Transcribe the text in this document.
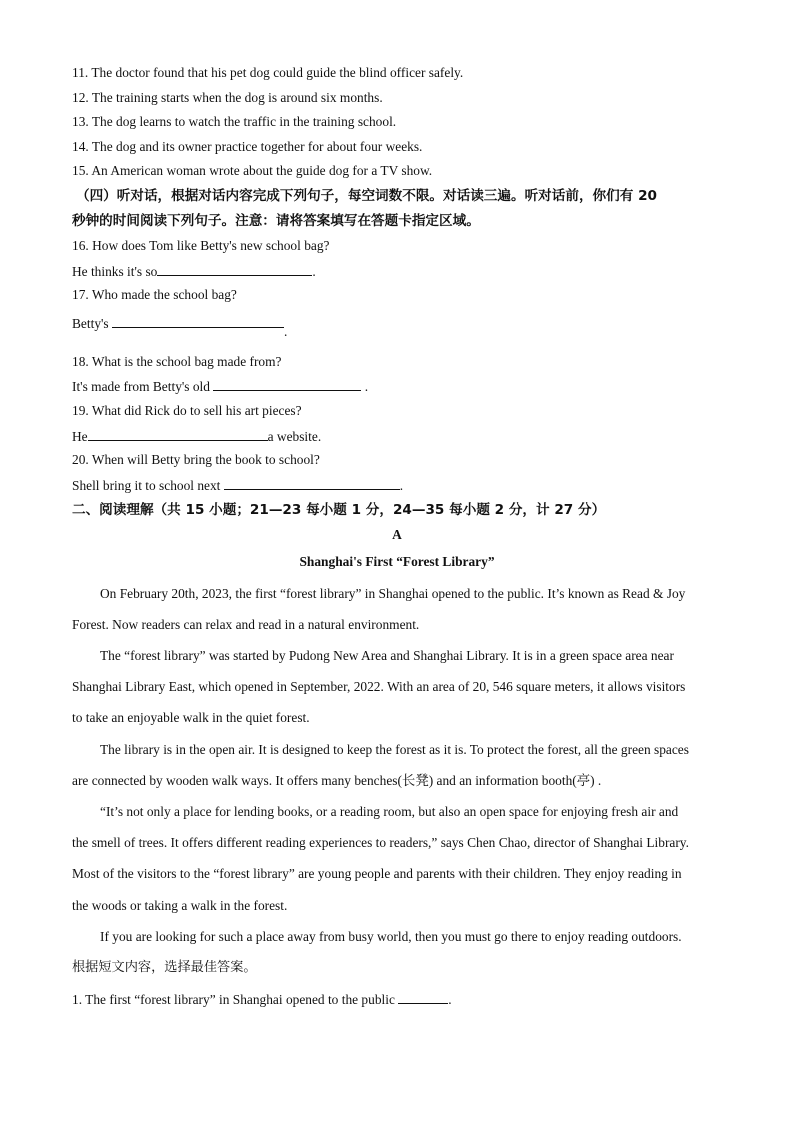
11. The doctor found that his pet dog could guide the blind officer safely.
12. The training starts when the dog is around six months.
13. The dog learns to watch the traffic in the training school.
14. The dog and its owner practice together for about four weeks.
15. An American woman wrote about the guide dog for a TV show.
（四）听对话，根据对话内容完成下列句子，每空词数不限。对话读三遍。听对话前，你们有 20
秒钟的时间阅读下列句子。注意：请将答案填写在答题卡指定区域。
16. How does Tom like Betty's new school bag?
He thinks it's so	.
17. Who made the school bag?
Betty's .
18. What is the school bag made from?
It's made from Betty's old	.
19. What did Rick do to sell his art pieces?
He	a website.
20. When will Betty bring the book to school?
Shell bring it to school next	.
二、阅读理解（共 15 小题；21—23 每小题 1 分，24—35 每小题 2 分，计 27 分）
A
Shanghai's First “Forest Library”
On February 20th, 2023, the first “forest library” in Shanghai opened to the public. It’s known as Read & Joy
Forest. Now readers can relax and read in a natural environment.
The “forest library” was started by Pudong New Area and Shanghai Library. It is in a green space area near
Shanghai Library East, which opened in September, 2022. With an area of 20, 546 square meters, it allows visitors
to take an enjoyable walk in the quiet forest.
The library is in the open air. It is designed to keep the forest as it is. To protect the forest, all the green spaces
are connected by wooden walk ways. It offers many benches(长凳) and an information booth(亭) .
“It’s not only a place for lending books, or a reading room, but also an open space for enjoying fresh air and
the smell of trees. It offers different reading experiences to readers,” says Chen Chao, director of Shanghai Library.
Most of the visitors to the “forest library” are young people and parents with their children. They enjoy reading in
the woods or taking a walk in the forest.
If you are looking for such a place away from busy world, then you must go there to enjoy reading outdoors.
根据短文内容，选择最佳答案。
1. The first “forest library” in Shanghai opened to the public	.
